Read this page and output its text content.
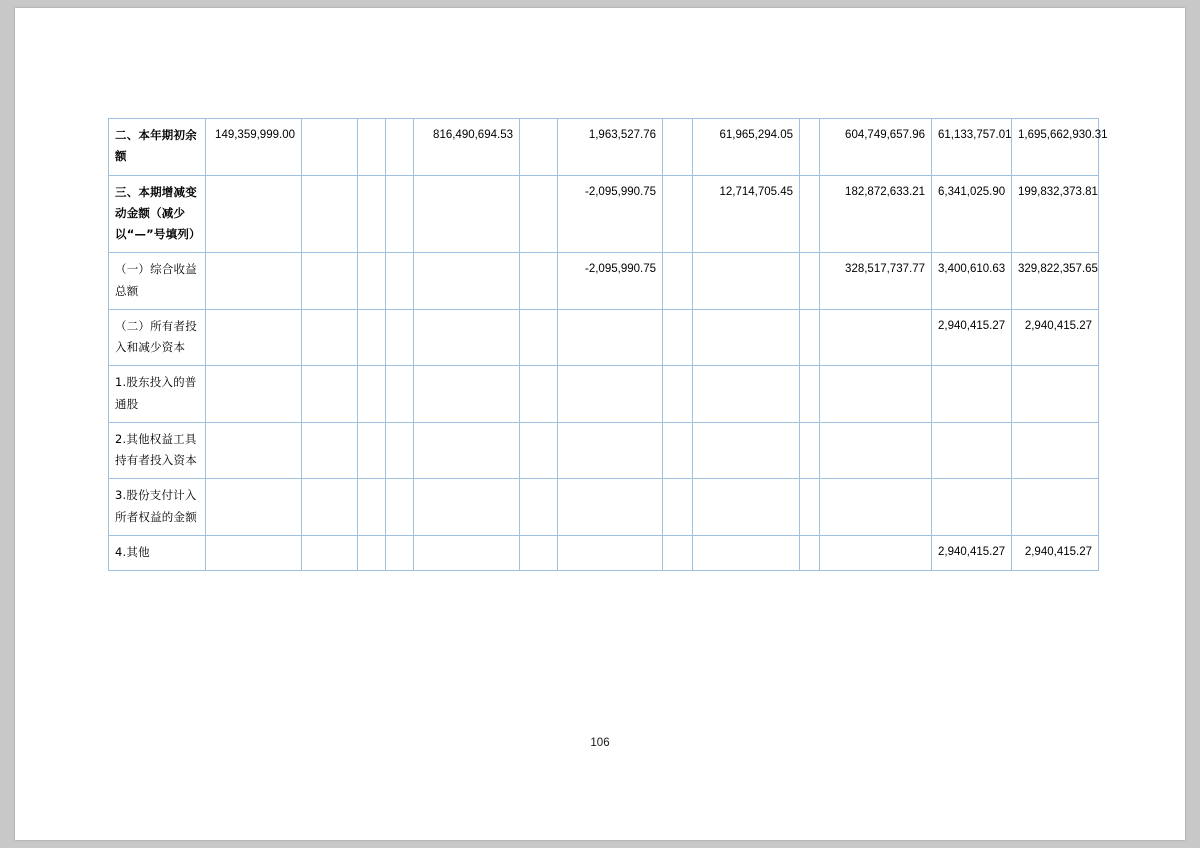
二、本年期初余额	149,359,999.00				816,490,694.53		1,963,527.76		61,965,294.05		604,749,657.96	61,133,757.01	1,695,662,930.31
三、本期增减变动金额（减少以“—”号填列）							-2,095,990.75		12,714,705.45		182,872,633.21	6,341,025.90	199,832,373.81
（一）综合收益总额							-2,095,990.75				328,517,737.77	3,400,610.63	329,822,357.65
（二）所有者投入和减少资本												2,940,415.27	2,940,415.27
1.股东投入的普通股													
2.其他权益工具持有者投入资本													
3.股份支付计入所者权益的金额													
4.其他												2,940,415.27	2,940,415.27
106
